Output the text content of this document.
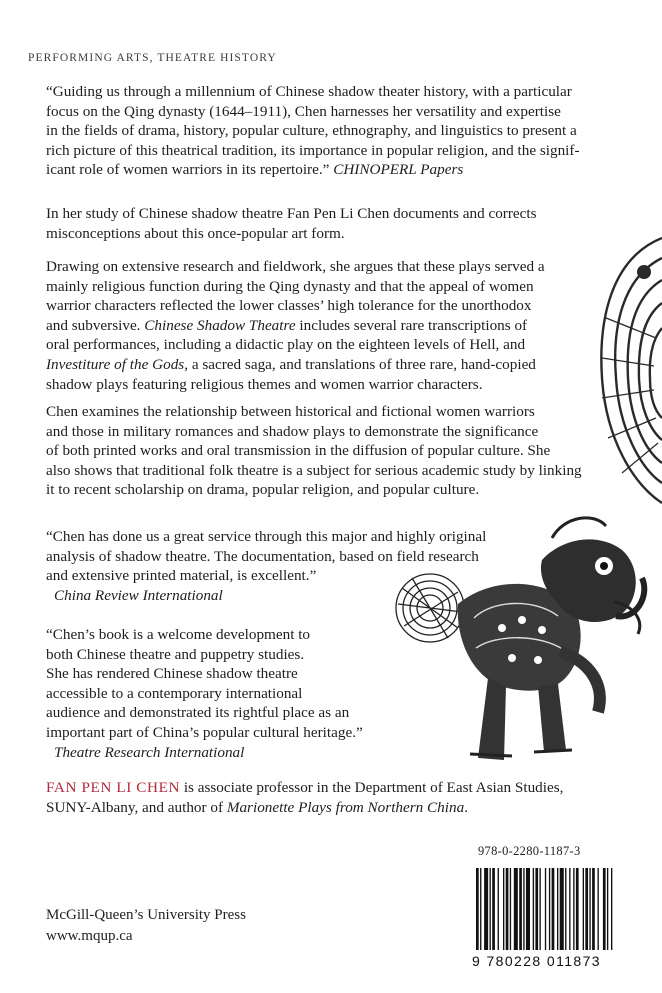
PERFORMING ARTS, THEATRE HISTORY
“Guiding us through a millennium of Chinese shadow theater history, with a particular
focus on the Qing dynasty (1644–1911), Chen harnesses her versatility and expertise
in the fields of drama, history, popular culture, ethnography, and linguistics to present a
rich picture of this theatrical tradition, its importance in popular religion, and the signif-
icant role of women warriors in its repertoire.” CHINOPERL Papers
In her study of Chinese shadow theatre Fan Pen Li Chen documents and corrects
misconceptions about this once-popular art form.
Drawing on extensive research and fieldwork, she argues that these plays served a
mainly religious function during the Qing dynasty and that the appeal of women
warrior characters reflected the lower classes’ high tolerance for the unorthodox
and subversive. Chinese Shadow Theatre includes several rare transcriptions of
oral performances, including a didactic play on the eighteen levels of Hell, and
Investiture of the Gods, a sacred saga, and translations of three rare, hand-copied
shadow plays featuring religious themes and women warrior characters.
Chen examines the relationship between historical and fictional women warriors
and those in military romances and shadow plays to demonstrate the significance
of both printed works and oral transmission in the diffusion of popular culture. She
also shows that traditional folk theatre is a subject for serious academic study by linking
it to recent scholarship on drama, popular religion, and popular culture.
“Chen has done us a great service through this major and highly original
analysis of shadow theatre. The documentation, based on field research
and extensive printed material, is excellent.”
China Review International
“Chen’s book is a welcome development to
both Chinese theatre and puppetry studies.
She has rendered Chinese shadow theatre
accessible to a contemporary international
audience and demonstrated its rightful place as an
important part of China’s popular cultural heritage.”
Theatre Research International
FAN PEN LI CHEN is associate professor in the Department of East Asian Studies,
SUNY-Albany, and author of Marionette Plays from Northern China.
McGill-Queen’s University Press
www.mqup.ca
978-0-2280-1187-3
9 780228 011873
